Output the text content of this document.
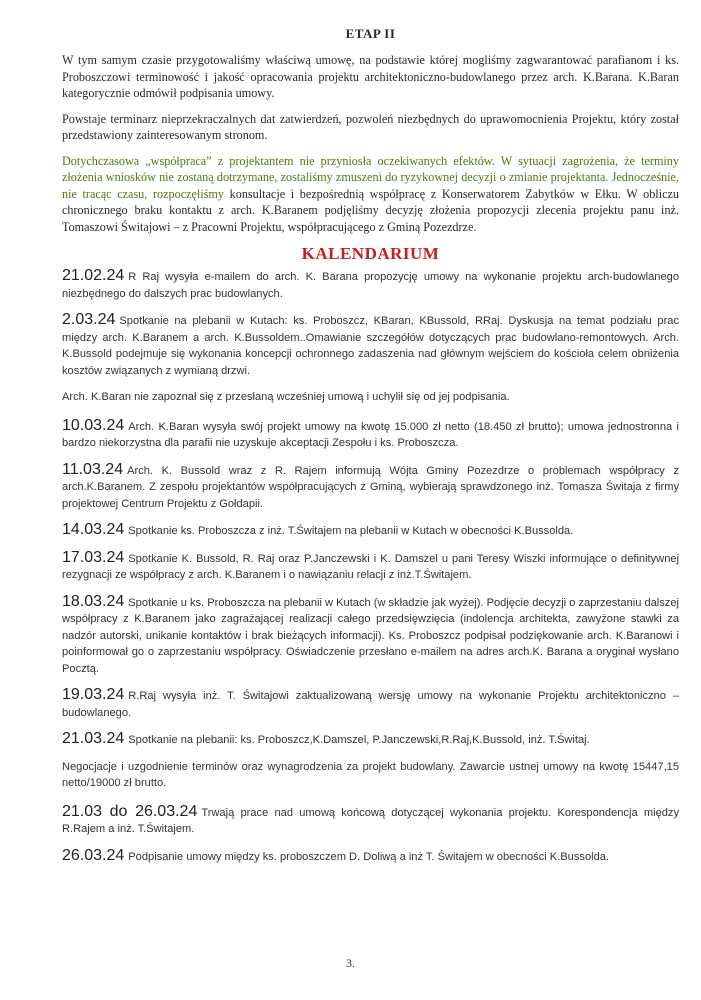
ETAP II

W tym samym czasie przygotowaliśmy właściwą umowę, na podstawie której mogliśmy zagwarantować parafianom i ks. Proboszczowi terminowość i jakość opracowania projektu architektoniczno-budowlanego przez arch. K.Barana. K.Baran kategorycznie odmówił podpisania umowy.

Powstaje terminarz nieprzekraczalnych dat zatwierdzeń, pozwoleń niezbędnych do uprawomocnienia Projektu, który został przedstawiony zainteresowanym stronom.

Dotychczasowa „współpraca” z projektantem nie przyniosła oczekiwanych efektów. W sytuacji zagrożenia, że terminy złożenia wniosków nie zostaną dotrzymane, zostaliśmy zmuszeni do ryzykownej decyzji o zmianie projektanta. Jednocześnie, nie tracąc czasu, rozpoczęliśmy konsultacje i bezpośrednią współpracę z Konserwatorem Zabytków w Ełku. W obliczu chronicznego braku kontaktu z arch. K.Baranem podjęliśmy decyzję złożenia propozycji zlecenia projektu panu inż. Tomaszowi Świtajowi – z Pracowni Projektu, współpracującego z Gminą Pozezdrze.

KALENDARIUM

21.02.24 R Raj wysyła e-mailem do arch. K. Barana propozycję umowy na wykonanie projektu arch-budowlanego niezbędnego do dalszych prac budowlanych.

2.03.24 Spotkanie na plebanii w Kutach: ks. Proboszcz, KBaran, KBussold, RRaj. Dyskusja na temat podziału prac między arch. K.Baranem a arch. K.Bussoldem..Omawianie szczegółów dotyczących prac budowlano-remontowych. Arch. K.Bussold podejmuje się wykonania koncepcji ochronnego zadaszenia nad głównym wejściem do kościoła celem obniżenia kosztów związanych z wymianą drzwi.

Arch. K.Baran nie zapoznał się z przesłaną wcześniej umową i uchylił się od jej podpisania.

10.03.24 Arch. K.Baran wysyła swój projekt umowy na kwotę 15.000 zł netto (18.450 zł brutto); umowa jednostronna i bardzo niekorzystna dla parafii nie uzyskuje akceptacji Zespołu i ks. Proboszcza.

11.03.24 Arch. K. Bussold wraz z R. Rajem informują Wójta Gminy Pozezdrze o problemach współpracy z arch.K.Baranem. Z zespołu projektantów współpracujących z Gminą, wybierają sprawdzonego inż. Tomasza Świtaja z firmy projektowej Centrum Projektu z Gołdapii.

14.03.24 Spotkanie ks. Proboszcza z inż. T.Świtajem na plebanii w Kutach w obecności K.Bussolda.

17.03.24 Spotkanie K. Bussold, R. Raj oraz P.Janczewski i K. Damszel u pani Teresy Wiszki informujące o definitywnej rezygnacji ze współpracy z arch. K.Baranem i o nawiązaniu relacji z inż.T.Świtajem.

18.03.24 Spotkanie u ks. Proboszcza na plebanii w Kutach (w składzie jak wyżej). Podjęcie decyzji o zaprzestaniu dalszej współpracy z K.Baranem jako zagrażającej realizacji całego przedsięwzięcia (indolencja architekta, zawyżone stawki za nadzór autorski, unikanie kontaktów i brak bieżących informacji). Ks. Proboszcz podpisał podziękowanie arch. K.Baranowi i poinformował go o zaprzestaniu współpracy. Oświadczenie przesłano e-mailem na adres arch.K. Barana a oryginał wysłano Pocztą.

19.03.24 R.Raj wysyła inż. T. Świtajowi zaktualizowaną wersję umowy na wykonanie Projektu architektoniczno – budowlanego.

21.03.24 Spotkanie na plebanii: ks. Proboszcz,K.Damszel, P.Janczewski,R.Raj,K.Bussold, inż. T.Świtaj.

Negocjacje i uzgodnienie terminów oraz wynagrodzenia za projekt budowlany. Zawarcie ustnej umowy na kwotę 15447,15 netto/19000 zł brutto.

21.03 do 26.03.24 Trwają prace nad umową końcową dotyczącej wykonania projektu. Korespondencja między R.Rajem a inż. T.Świtajem.

26.03.24 Podpisanie umowy między ks. proboszczem D. Doliwą a inż T. Świtajem w obecności K.Bussolda.

3.
